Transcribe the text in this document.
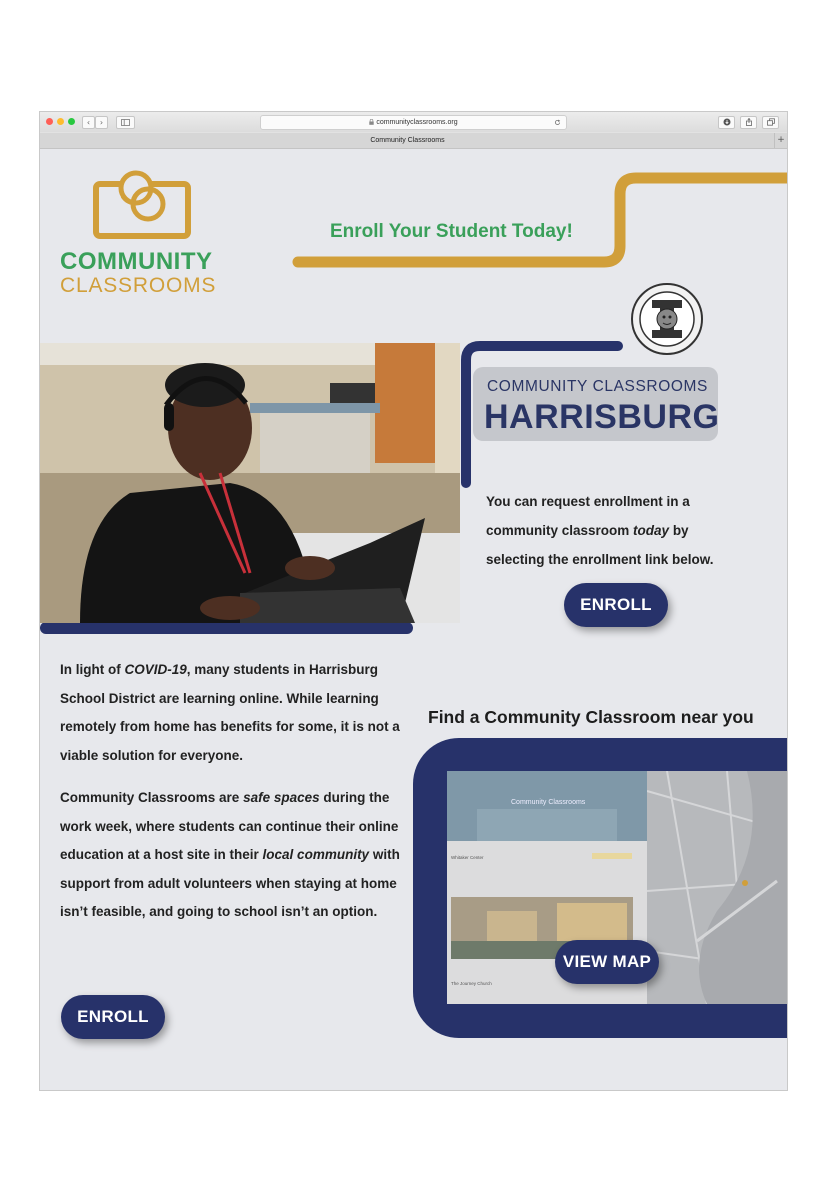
‹	›	communityclassrooms.org
Community Classrooms	+
COMMUNITY
CLASSROOMS
Enroll Your Student Today!
COMMUNITY CLASSROOMS
HARRISBURG

You can request enrollment in a

community classroom today by

selecting the enrollment link below.

ENROLL

In light of COVID-19, many students in Harrisburg School District are learning online. While learning remotely from home has benefits for some, it is not a viable solution for everyone.

Community Classrooms are safe spaces during the work week, where students can continue their online education at a host site in their local community with support from adult volunteers when staying at home isn’t feasible, and going to school isn’t an option.

ENROLL
Find a Community Classroom near you
Community Classrooms
Whitaker Center
The Journey Church
VIEW MAP
